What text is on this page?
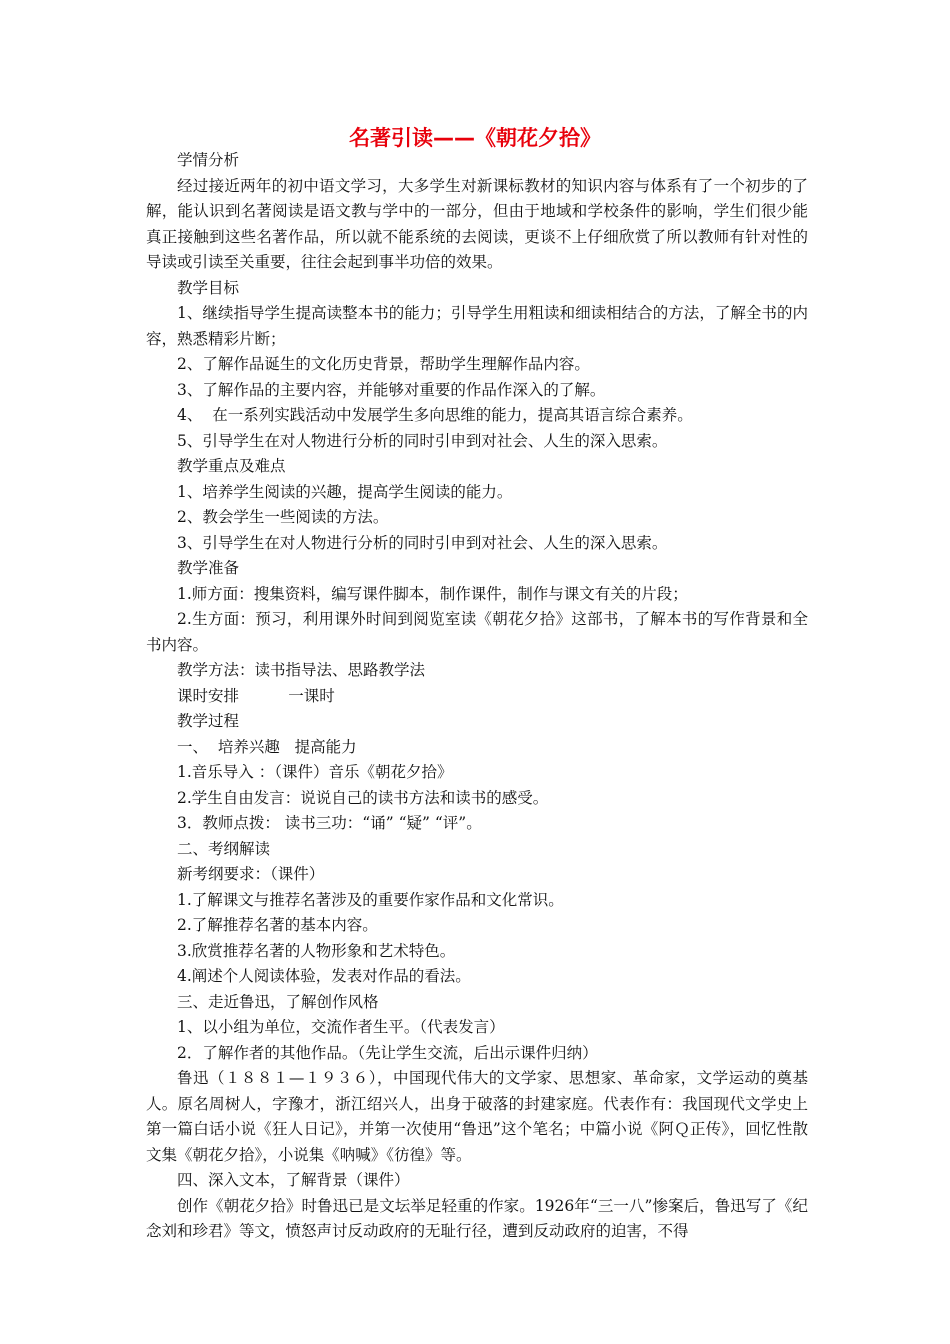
名著引读——《朝花夕拾》

学情分析

经过接近两年的初中语文学习，大多学生对新课标教材的知识内容与体系有了一个初步的了解，能认识到名著阅读是语文教与学中的一部分，但由于地域和学校条件的影响，学生们很少能真正接触到这些名著作品，所以就不能系统的去阅读，更谈不上仔细欣赏了所以教师有针对性的导读或引读至关重要，往往会起到事半功倍的效果。

教学目标

1、继续指导学生提高读整本书的能力；引导学生用粗读和细读相结合的方法，了解全书的内容，熟悉精彩片断；

2、了解作品诞生的文化历史背景，帮助学生理解作品内容。

3、了解作品的主要内容，并能够对重要的作品作深入的了解。

4、  在一系列实践活动中发展学生多向思维的能力，提高其语言综合素养。

5、引导学生在对人物进行分析的同时引申到对社会、人生的深入思索。

教学重点及难点

1、培养学生阅读的兴趣，提高学生阅读的能力。

2、教会学生一些阅读的方法。

3、引导学生在对人物进行分析的同时引申到对社会、人生的深入思索。

教学准备

1.师方面：搜集资料，编写课件脚本，制作课件，制作与课文有关的片段；

2.生方面：预习，利用课外时间到阅览室读《朝花夕拾》这部书，了解本书的写作背景和全书内容。

教学方法：读书指导法、思路教学法

课时安排          一课时

教学过程

一、  培养兴趣   提高能力

1.音乐导入 ：（课件）音乐《朝花夕拾》

2.学生自由发言：说说自己的读书方法和读书的感受。

3．教师点拨： 读书三功：“诵” “疑” “评”。

二、考纲解读

新考纲要求：（课件）

1.了解课文与推荐名著涉及的重要作家作品和文化常识。

2.了解推荐名著的基本内容。

3.欣赏推荐名著的人物形象和艺术特色。

4.阐述个人阅读体验，发表对作品的看法。

三、走近鲁迅，了解创作风格

1、以小组为单位，交流作者生平。（代表发言）

2．了解作者的其他作品。（先让学生交流，后出示课件归纳）

鲁迅（１８８１—１９３６），中国现代伟大的文学家、思想家、革命家，文学运动的奠基人。原名周树人，字豫才，浙江绍兴人，出身于破落的封建家庭。代表作有：我国现代文学史上第一篇白话小说《狂人日记》，并第一次使用“鲁迅”这个笔名；中篇小说《阿Ｑ正传》，回忆性散文集《朝花夕拾》，小说集《呐喊》《彷徨》等。

四、深入文本，了解背景（课件）

创作《朝花夕拾》时鲁迅已是文坛举足轻重的作家。1926年“三一八”惨案后，鲁迅写了《纪念刘和珍君》等文，愤怒声讨反动政府的无耻行径，遭到反动政府的迫害，不得
